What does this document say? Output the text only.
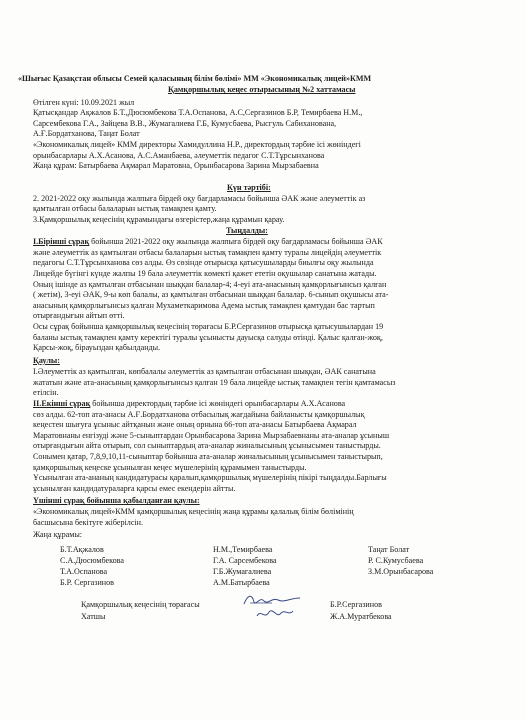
«Шығыс Қазақстан облысы Семей қаласының білім бөлімі» ММ «Экономикалық лицей»КММ
Қамқоршылық кеңес отырысының №2 хаттамасы
Өтілген күні: 10.09.2021 жыл
Қатысқандар Ақжалов Б.Т.,Дюсюмбекова Т.А.Оспанова, А.С,Сергазинов Б.Р, Темирбаева Н.М.,
Сарсембекова Г.А., Зайцева В.В., Жумагалиева Г.Б, Кумусбаева, Рысгуль Сабиханована,
А.Ғ.Бордатханова, Таңат Болат
«Экономикалық лицей» КММ директоры Хамидуллина Н.Р., директордың тәрбие ісі жөніндегі
орынбасарлары А.Х.Асанова, А.С.Аманбаева, әлеуметтік педагог С.Т.Тұрсынханова
Жаңа құрам: Батырбаева Ақмарал Маратовна, Орынбасарова Зарина Мырзабаевна
Күн тәртібі:
2. 2021-2022 оқу жылында жалпыға бірдей оқу бағдарламасы бойынша ӘАК және әлеуметтік аз
қамтылған отбасы балаларын ыстық тамақпен қамту.
3.Қамқоршылық кеңесінің құрамындағы өзгерістер,жаңа құрамын қарау.
Тыңдалды:
I.Бірінші сұрақ бойынша 2021-2022 оқу жылында жалпыға бірдей оқу бағдарламасы бойынша ӘАК
және әлеуметтік аз қамтылған отбасы балаларын ыстық тамақпен қамту туралы лицейдің әлеуметтік
педагогы С.Т.Тұрсынханова сөз алды. Өз сөзінде отырысқа қатысушыларды биылғы оқу жылында
Лицейде бүгінгі күнде жалпы 19 бала әлеуметтік көмекті қажет ететін оқушылар санатына жатады.
Оның ішінде аз қамтылған отбасынан шыққан балалар-4; 4-еуі ата-анасының қамқорлығынсыз қалған
( жетім), 3-еуі ӘАК, 9-ы көп балалы, аз қамтылған отбасынан шыққан балалар. 6-сынып оқушысы ата-
анасының қамқорлығынсыз қалған Мухаметкаримова Адема ыстық тамақпен қамтудан бас тартып
отырғандығын айтып өтті.
Осы сұрақ бойынша қамқоршылық кеңесінің төрағасы Б.Р.Сергазинов отырысқа қатысушылардан 19
баланы ыстық тамақпен қамту керектігі туралы ұсынысты дауысқа салуды өтінді. Қалыс қалған-жоқ,
Қарсы-жоқ, бірауыздан қабылданды.
Қаулы:
I.Әлеуметтік аз қамтылған, көпбалалы әлеуметтік аз қамтылған отбасынан шыққан, ӘАК санатына
жататын және ата-анасының қамқорлығынсыз қалған 19 бала лицейде ыстық тамақпен тегін қамтамасыз
етілсін.
II.Екінші сұрақ бойынша директордың тәрбие ісі жөніндегі орынбасарлары А.Х.Асанова
сөз алды. 62-топ ата-анасы А.Ғ.Бордатханова отбасылық жағдайына байланысты қамқоршылық
кеңестен шығуға ұсыныс айтқанын және оның орнына 66-топ ата-анасы Батырбаева Ақмарал
Маратовнаны енгізуді және 5-сыныптардан Орынбасарова Зарина Мырзабаевнаны ата-аналар ұсыныш
отырғандығын айта отырып, сол сыныптардың ата-аналар жиналысының ұсынысымен таныстырды.
Сонымен қатар, 7,8,9,10,11-сыныптар бойынша ата-аналар жиналысының ұсынысымен таныстырып,
қамқоршылық кеңеске ұсынылған кеңес мүшелерінің құрамымен таныстырды.
Ұсынылған ата-ананың кандидатурасы қаралып,қамқоршылық мүшелерінің пікірі тыңдалды.Барлығы
ұсынылған кандидатураларға қарсы емес екендерін айтты.
Үшінші сұрақ бойынша қабылданған қаулы:
«Экономикалық лицей»КММ қамқоршылық кеңесінің жаңа құрамы қалалық білім бөлімінің
басшысына бекітуге жіберілсін.
Жаңа құрамы:
Б.Т.Ақжалов
С.А.Дюсюмбекова
Т.А.Оспанова
Б.Р. Сергазинов
Н.М.,Темирбаева
Г.А. Сарсембекова
Г.Б.Жумагалиева
А.М.Батырбаева
Таңат Болат
Р. С.Кумусбаева
З.М.Орынбасарова
Қамқоршылық кеңесінің төрағасы	Б.Р.Сергазинов
Хатшы	Ж.А.Муратбекова
